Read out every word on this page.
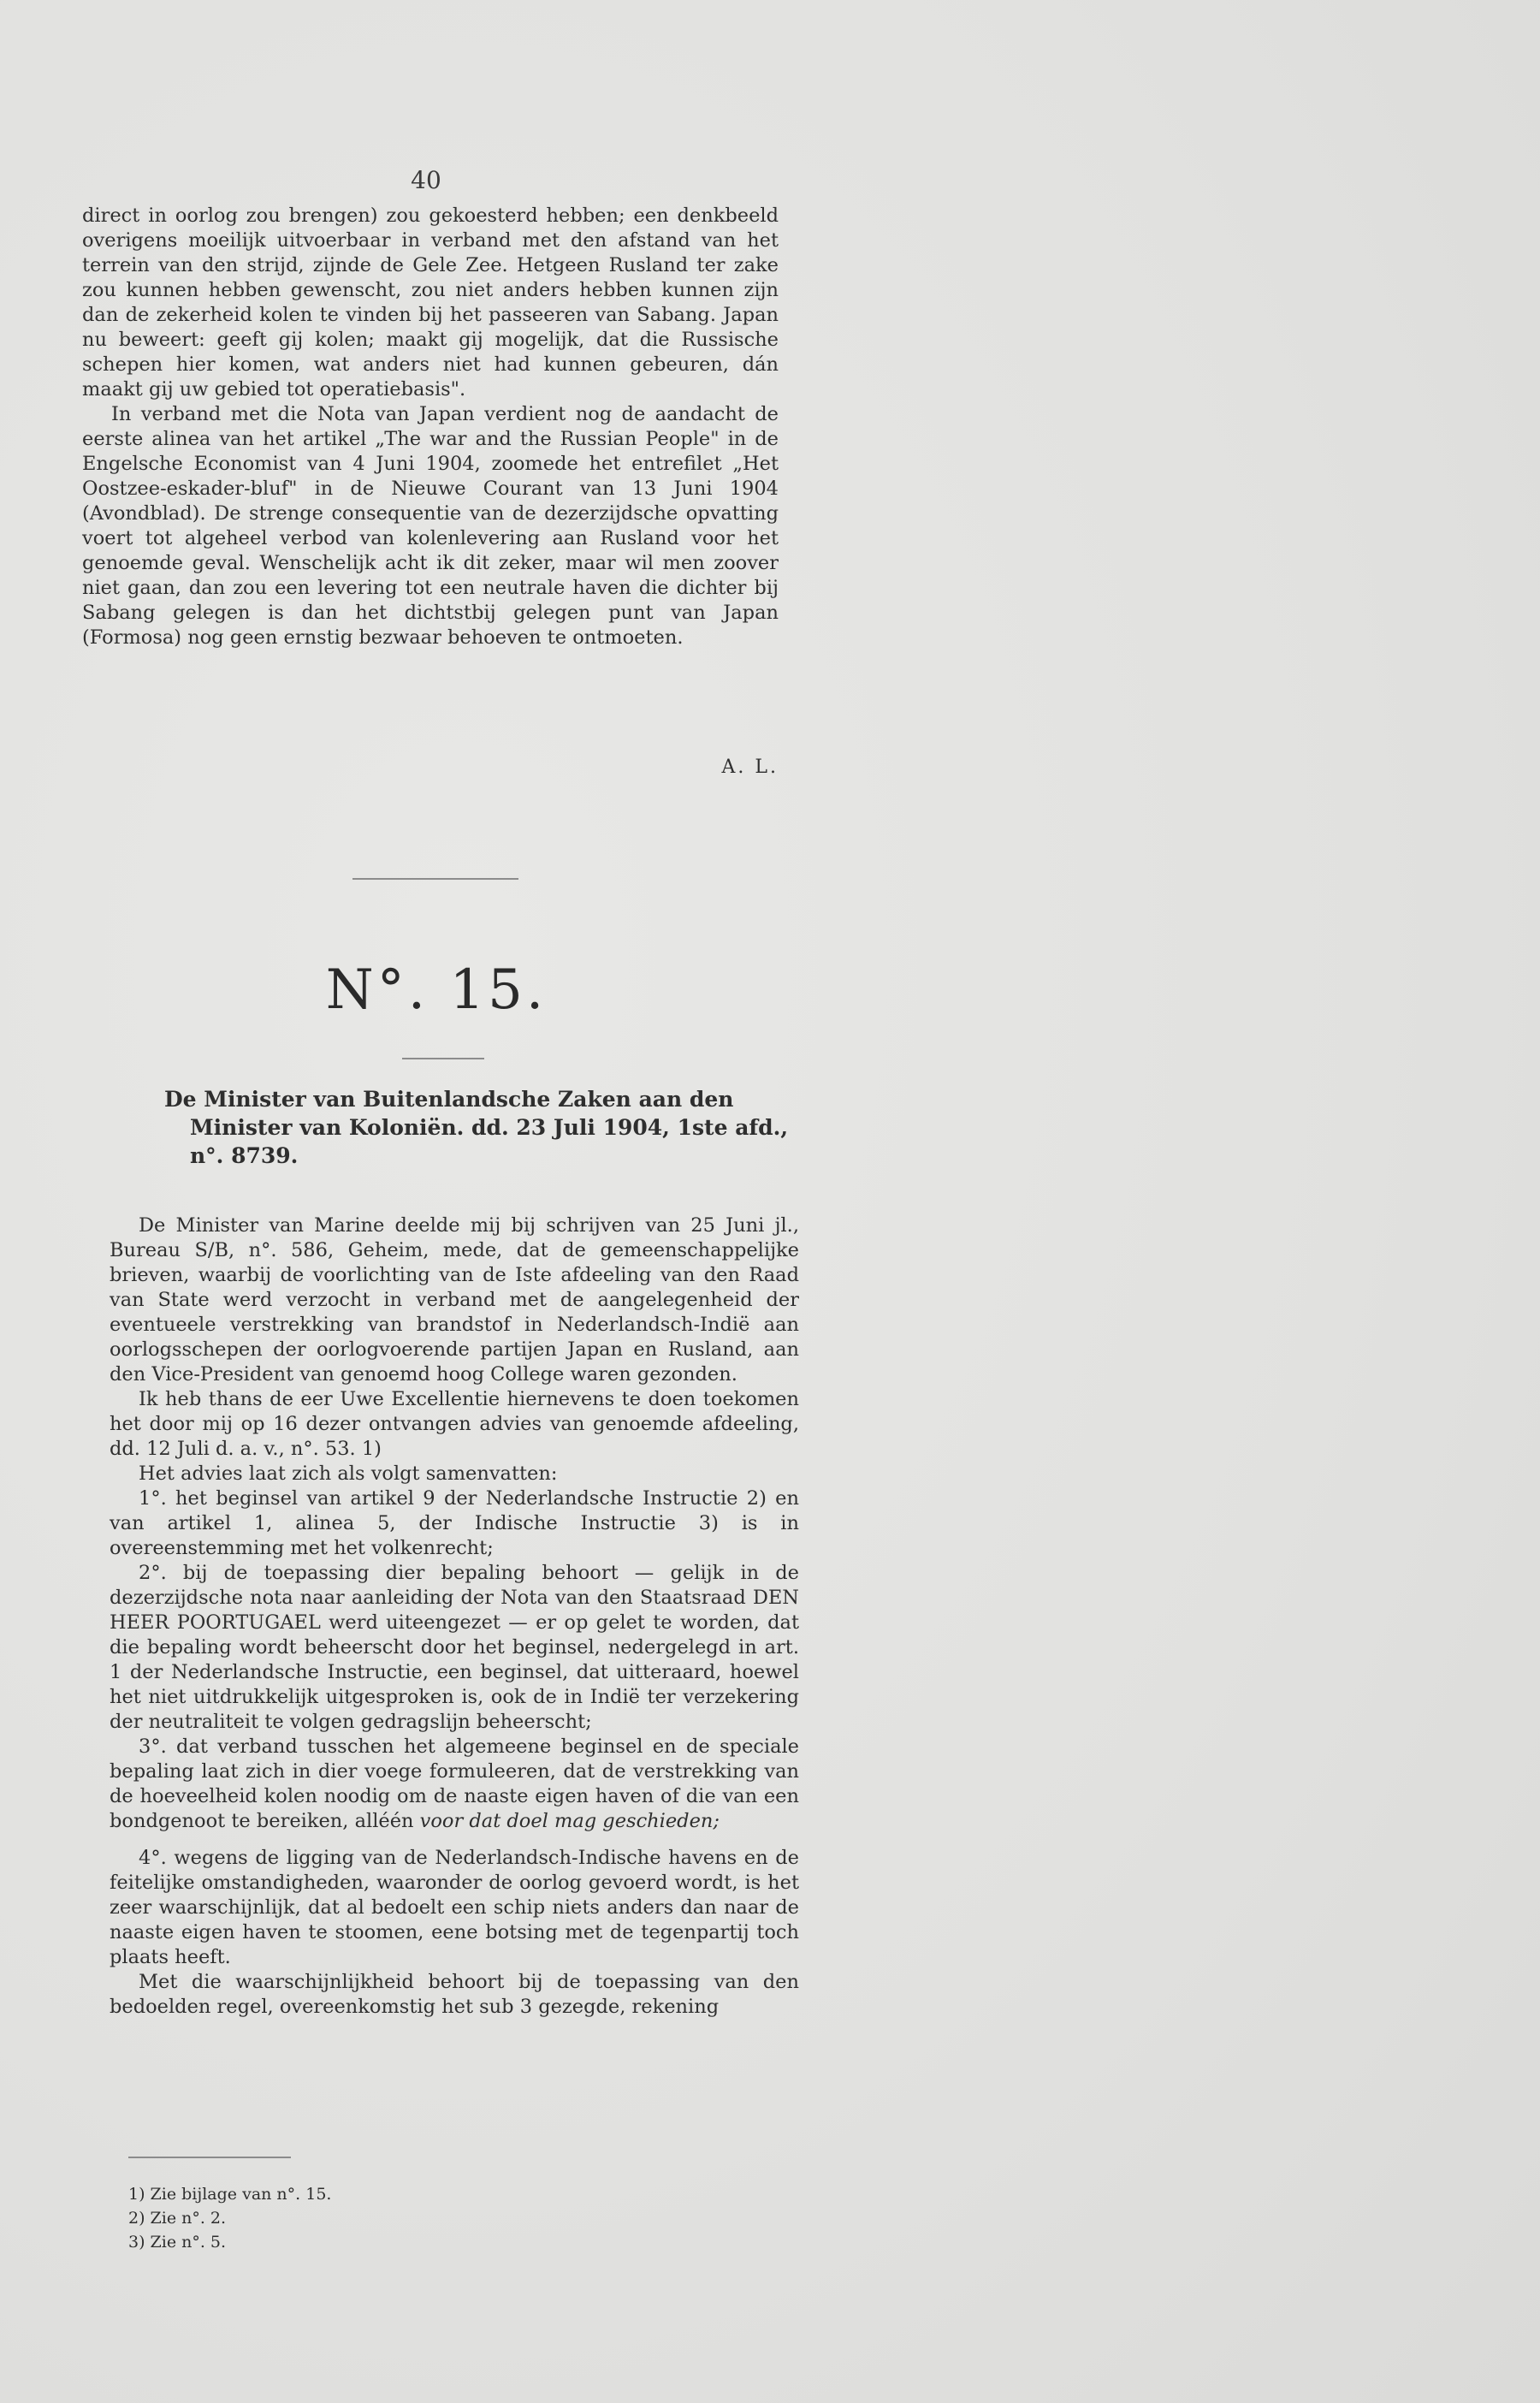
40

direct in oorlog zou brengen) zou gekoesterd hebben; een denkbeeld overigens moeilijk uitvoerbaar in verband met den afstand van het terrein van den strijd, zijnde de Gele Zee. Hetgeen Rusland ter zake zou kunnen hebben gewenscht, zou niet anders hebben kunnen zijn dan de zekerheid kolen te vinden bij het passeeren van Sabang. Japan nu beweert: geeft gij kolen; maakt gij mogelijk, dat die Russische schepen hier komen, wat anders niet had kunnen gebeuren, dán maakt gij uw gebied tot operatiebasis".

In verband met die Nota van Japan verdient nog de aandacht de eerste alinea van het artikel „The war and the Russian People" in de Engelsche Economist van 4 Juni 1904, zoomede het entrefilet „Het Oostzee-eskader-bluf" in de Nieuwe Courant van 13 Juni 1904 (Avondblad). De strenge consequentie van de dezerzijdsche opvatting voert tot algeheel verbod van kolenlevering aan Rusland voor het genoemde geval. Wenschelijk acht ik dit zeker, maar wil men zoover niet gaan, dan zou een levering tot een neutrale haven die dichter bij Sabang gelegen is dan het dichtstbij gelegen punt van Japan (Formosa) nog geen ernstig bezwaar behoeven te ontmoeten.

A. L.
N°. 15.
De Minister van Buitenlandsche Zaken aan den
Minister van Koloniën. dd. 23 Juli 1904, 1ste afd.,
n°. 8739.

De Minister van Marine deelde mij bij schrijven van 25 Juni jl., Bureau S/B, n°. 586, Geheim, mede, dat de gemeenschappelijke brieven, waarbij de voorlichting van de Iste afdeeling van den Raad van State werd verzocht in verband met de aangelegenheid der eventueele verstrekking van brandstof in Nederlandsch-Indië aan oorlogsschepen der oorlogvoerende partijen Japan en Rusland, aan den Vice-President van genoemd hoog College waren gezonden.

Ik heb thans de eer Uwe Excellentie hiernevens te doen toekomen het door mij op 16 dezer ontvangen advies van genoemde afdeeling, dd. 12 Juli d. a. v., n°. 53. 1)

Het advies laat zich als volgt samenvatten:

1°. het beginsel van artikel 9 der Nederlandsche Instructie 2) en van artikel 1, alinea 5, der Indische Instructie 3) is in overeenstemming met het volkenrecht;

2°. bij de toepassing dier bepaling behoort — gelijk in de dezerzijdsche nota naar aanleiding der Nota van den Staatsraad DEN HEER POORTUGAEL werd uiteengezet — er op gelet te worden, dat die bepaling wordt beheerscht door het beginsel, nedergelegd in art. 1 der Nederlandsche Instructie, een beginsel, dat uitteraard, hoewel het niet uitdrukkelijk uitgesproken is, ook de in Indië ter verzekering der neutraliteit te volgen gedragslijn beheerscht;

3°. dat verband tusschen het algemeene beginsel en de speciale bepaling laat zich in dier voege formuleeren, dat de verstrekking van de hoeveelheid kolen noodig om de naaste eigen haven of die van een bondgenoot te bereiken, alléén voor dat doel mag geschieden;

4°. wegens de ligging van de Nederlandsch-Indische havens en de feitelijke omstandigheden, waaronder de oorlog gevoerd wordt, is het zeer waarschijnlijk, dat al bedoelt een schip niets anders dan naar de naaste eigen haven te stoomen, eene botsing met de tegenpartij toch plaats heeft.

Met die waarschijnlijkheid behoort bij de toepassing van den bedoelden regel, overeenkomstig het sub 3 gezegde, rekening

1) Zie bijlage van n°. 15.
2) Zie n°. 2.
3) Zie n°. 5.
